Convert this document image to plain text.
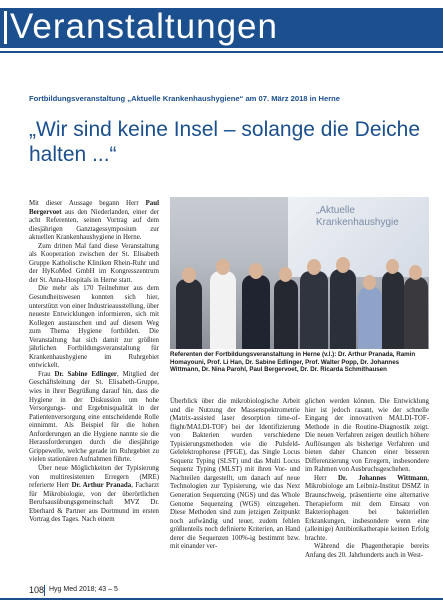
Veranstaltungen
Fortbildungsveranstaltung „Aktuelle Krankenhaushygiene“ am 07. März 2018 in Herne
„Wir sind keine Insel – solange die Deiche halten ...“

Mit dieser Aussage begann Herr Paul Bergervoet aus den Niederlanden, einer der acht Referenten, seinen Vortrag auf dem diesjährigen Ganztagessymposium zur aktuellen Krankenhaushygiene in Herne.

Zum dritten Mal fand diese Veranstaltung als Kooperation zwischen der St. Elisabeth Gruppe Katholische Kliniken Rhein-Ruhr und der HyKoMed GmbH im Kongresszentrum der St. Anna-Hospitals in Herne statt.

Die mehr als 170 Teilnehmer aus dem Gesundheitswesen konnten sich hier, unterstützt von einer Industrieausstellung, über neueste Entwicklungen informieren, sich mit Kollegen austauschen und auf diesem Weg zum Thema Hygiene fortbilden. Die Veranstaltung hat sich damit zur größten jährlichen Fortbildungsveranstaltung für Krankenhaushygiene im Ruhrgebiet entwickelt.

Frau Dr. Sabine Edlinger, Mitglied der Geschäftsleitung der St. Elisabeth-Gruppe, wies in ihrer Begrüßung darauf hin, dass die Hygiene in der Diskussion um hohe Versorgungs- und Ergebnisqualität in der Patientenversorgung eine entscheidende Rolle einnimmt. Als Beispiel für die hohen Anforderungen an die Hygiene nannte sie die Herausforderungen durch die diesjährige Grippewelle, welche gerade im Ruhrgebiet zu vielen stationären Aufnahmen führte.

Über neue Möglichkeiten der Typisierung von multiresistenten Erregern (MRE) referierte Herr Dr. Arthur Pranada, Facharzt für Mikrobiologie, von der überörtlichen Berufsausübungsgemeinschaft MVZ Dr. Eberhard & Partner aus Dortmund im ersten Vortrag des Tages. Nach einem

„Aktuelle
Krankenhaushygie
Referenten der Fortbildungsveranstaltung in Herne (v.l.): Dr. Arthur Pranada, Ramin Homayouni, Prof. Li Han, Dr. Sabine Edlinger, Prof. Walter Popp, Dr. Johannes Wittmann, Dr. Nina Parohl, Paul Bergervoet, Dr. Dr. Ricarda Schmithausen

Überblick über die mikrobiologische Arbeit und die Nutzung der Massenspektrometrie (Matrix-assisted laser desorption time-of-flight/MALDI-TOF) bei der Identifizierung von Bakterien wurden verschiedene Typisierungsmethoden wie die Pulsfeld-Gelelektrophorese (PFGE), das Single Locus Sequenz Typing (SLST) und das Multi Locus Sequenz Typing (MLST) mit ihren Vor- und Nachteilen dargestellt, um danach auf neue Technologien zur Typisierung, wie das Next Generation Sequenzing (NGS) und das Whole Genome Sequenzing (WGS) einzugehen. Diese Methoden sind zum jetzigen Zeitpunkt noch aufwändig und teuer, zudem fehlen größtenteils noch definierte Kriterien, an Hand derer die Sequenzen 100%-ig bestimmt bzw. mit einander ver-

glichen werden können. Die Entwicklung hier ist jedoch rasant, wie der schnelle Eingang der innovativen MALDI-TOF-Methode in die Routine-Diagnostik zeigt. Die neuen Verfahren zeigen deutlich höhere Auflösungen als bisherige Verfahren und bieten daher Chancen einer besseren Differenzierung von Erregern, insbesondere im Rahmen von Ausbruchsgeschehen.

Herr Dr. Johannes Wittmann, Mikrobiologe am Leibniz-Institut DSMZ in Braunschweig, präsentierte eine alternative Therapieform mit dem Einsatz von Bakteriophagen bei bakteriellen Erkrankungen, insbesondere wenn eine (alleinige) Antibiotikatherapie keinen Erfolg brachte.

Während die Phagentherapie bereits Anfang des 20. Jahrhunderts auch in West-

108 Hyg Med 2018; 43 – 5
